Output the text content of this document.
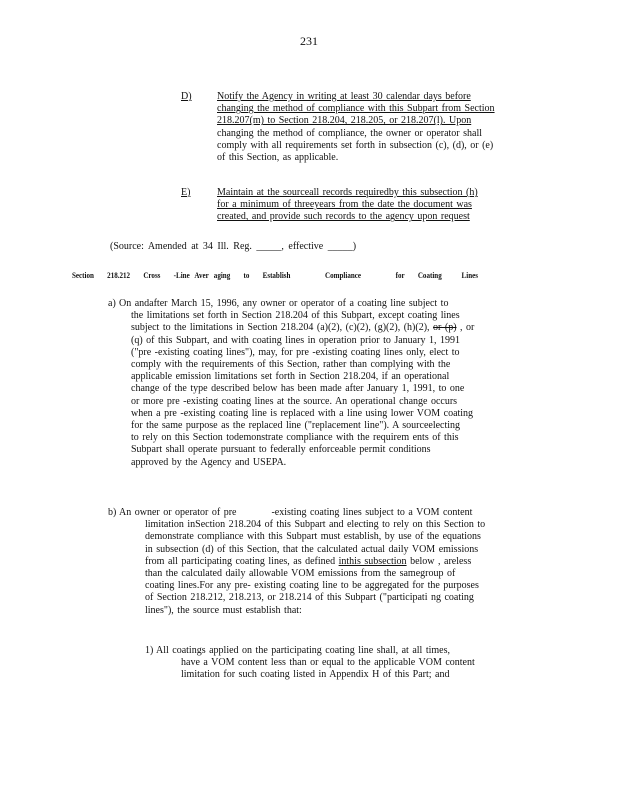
231
D)	Notify the Agency in writing at least 30 calendar days before
changing the method of compliance with this Subpart from Section
218.207(m) to Section 218.204, 218.205, or 218.207(l). Upon
changing the method of compliance, the owner or operator shall
comply with all requirements set forth in subsection (c), (d), or (e)
of this Section, as applicable.
E)	Maintain at the sourceall records requiredby this subsection (h)
for a minimum of threeyears from the date the document was
created, and provide such records to the agency upon request
(Source: Amended at 34 Ill. Reg. _____, effective _____)
Section 218.212 Cross -Line Aver aging to Establish	Compliance	for Coating Lines
a) On andafter March 15, 1996, any owner or operator of a coating line subject to
the limitations set forth in Section 218.204 of this Subpart, except coating lines
subject to the limitations in Section 218.204 (a)(2), (c)(2), (g)(2), (h)(2), or (p) , or
(q) of this Subpart, and with coating lines in operation prior to January 1, 1991
("pre -existing coating lines"), may, for pre -existing coating lines only, elect to
comply with the requirements of this Section, rather than complying with the
applicable emission limitations set forth in Section 218.204, if an operational
change of the type described below has been made after January 1, 1991, to one
or more pre -existing coating lines at the source. An operational change occurs
when a pre -existing coating line is replaced with a line using lower VOM coating
for the same purpose as the replaced line ("replacement line"). A sourceelecting
to rely on this Section todemonstrate compliance with the requirem ents of this
Subpart shall operate pursuant to federally enforceable permit conditions
approved by the Agency and USEPA.
b) An owner or operator of pre          -existing coating lines subject to a VOM content
limitation inSection 218.204 of this Subpart and electing to rely on this Section to
demonstrate compliance with this Subpart must establish, by use of the equations
in subsection (d) of this Section, that the calculated actual daily VOM emissions
from all participating coating lines, as defined inthis subsection below , areless
than the calculated daily allowable VOM emissions from the samegroup of
coating lines.For any pre- existing coating line to be aggregated for the purposes
of Section 218.212, 218.213, or 218.214 of this Subpart ("participati ng coating
lines"), the source must establish that:
1) All coatings applied on the participating coating line shall, at all times,
have a VOM content less than or equal to the applicable VOM content
limitation for such coating listed in Appendix H of this Part; and
